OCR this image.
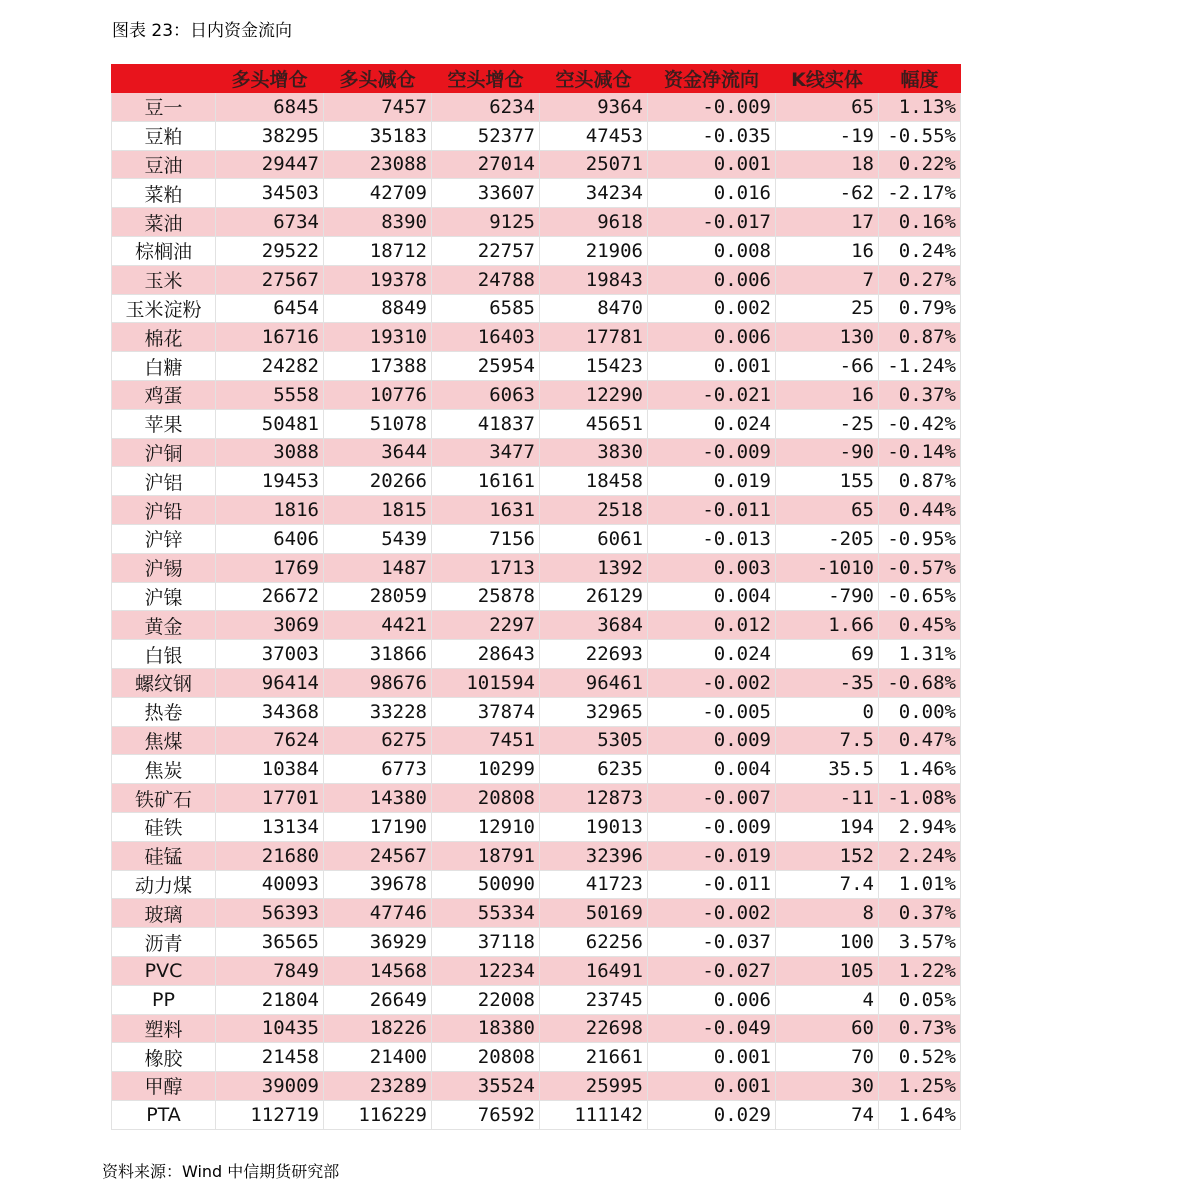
图表 23：日内资金流向
	多头增仓	多头减仓	空头增仓	空头减仓	资金净流向	K线实体	幅度
豆一	6845	7457	6234	9364	-0.009	65	1.13%
豆粕	38295	35183	52377	47453	-0.035	-19	-0.55%
豆油	29447	23088	27014	25071	0.001	18	0.22%
菜粕	34503	42709	33607	34234	0.016	-62	-2.17%
菜油	6734	8390	9125	9618	-0.017	17	0.16%
棕榈油	29522	18712	22757	21906	0.008	16	0.24%
玉米	27567	19378	24788	19843	0.006	7	0.27%
玉米淀粉	6454	8849	6585	8470	0.002	25	0.79%
棉花	16716	19310	16403	17781	0.006	130	0.87%
白糖	24282	17388	25954	15423	0.001	-66	-1.24%
鸡蛋	5558	10776	6063	12290	-0.021	16	0.37%
苹果	50481	51078	41837	45651	0.024	-25	-0.42%
沪铜	3088	3644	3477	3830	-0.009	-90	-0.14%
沪铝	19453	20266	16161	18458	0.019	155	0.87%
沪铅	1816	1815	1631	2518	-0.011	65	0.44%
沪锌	6406	5439	7156	6061	-0.013	-205	-0.95%
沪锡	1769	1487	1713	1392	0.003	-1010	-0.57%
沪镍	26672	28059	25878	26129	0.004	-790	-0.65%
黄金	3069	4421	2297	3684	0.012	1.66	0.45%
白银	37003	31866	28643	22693	0.024	69	1.31%
螺纹钢	96414	98676	101594	96461	-0.002	-35	-0.68%
热卷	34368	33228	37874	32965	-0.005	0	0.00%
焦煤	7624	6275	7451	5305	0.009	7.5	0.47%
焦炭	10384	6773	10299	6235	0.004	35.5	1.46%
铁矿石	17701	14380	20808	12873	-0.007	-11	-1.08%
硅铁	13134	17190	12910	19013	-0.009	194	2.94%
硅锰	21680	24567	18791	32396	-0.019	152	2.24%
动力煤	40093	39678	50090	41723	-0.011	7.4	1.01%
玻璃	56393	47746	55334	50169	-0.002	8	0.37%
沥青	36565	36929	37118	62256	-0.037	100	3.57%
PVC	7849	14568	12234	16491	-0.027	105	1.22%
PP	21804	26649	22008	23745	0.006	4	0.05%
塑料	10435	18226	18380	22698	-0.049	60	0.73%
橡胶	21458	21400	20808	21661	0.001	70	0.52%
甲醇	39009	23289	35524	25995	0.001	30	1.25%
PTA	112719	116229	76592	111142	0.029	74	1.64%
资料来源：Wind 中信期货研究部
